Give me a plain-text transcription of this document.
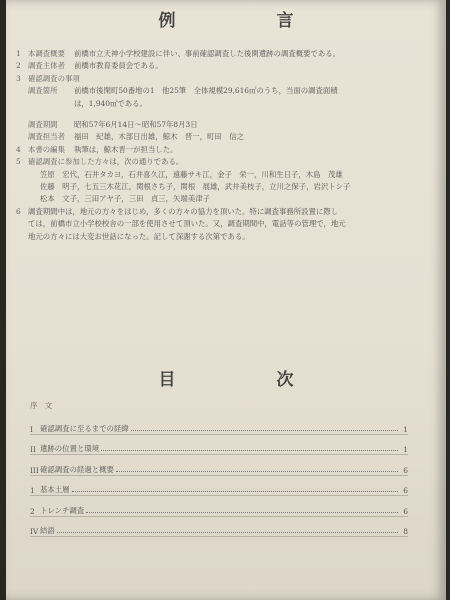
例　言
1 本調査概要	前橋市立天神小学校建設に伴い、事前確認調査した後閑遺跡の調査概要である。
2 調査主体者	前橋市教育委員会である。
3 確認調査の事項
調査箇所	前橋市後閑町50番地の1　他25筆　全体規模29,616㎡のうち，当面の調査面積
は，1,940㎡である。
調査期間	昭和57年6月14日～昭和57年8月3日
調査担当者	福田　紀雄，木部日出雄，鯨木　晋一，町田　信之
4 本書の編集	執筆は，鯨木晋一が担当した。
5 確認調査に参加した方々 は，次の通りである。
笠原　宏代，石井タカヨ，石井喜久江，遠藤サキ江，金子　栄一，川和生日子，木島　茂雄
佐藤　明子，七五三木花江，関根さち子，関根　展雄，武井美枝子，立川之保子，岩沢トシ子
松本　文子，三田アヤ子，三田　貞三，矢端美津子
6 調査期間中は，地元の方々をはじめ，多くの方々の協力を頂いた。特に調査事務所設置に際し
ては，前橋市立小学校校舎の一部を使用させて頂いた。又，調査期間中，電話等の管理で，地元
地元の方々には大変お世話になった。記して深謝する次第である。
目　次
序　文
I 確認調査に至るまでの経緯	1
II 遺跡の位置と環境	1
III 確認調査の経過と概要	6
1 基本土層	6
2 トレンチ調査	6
IV 結語	8
